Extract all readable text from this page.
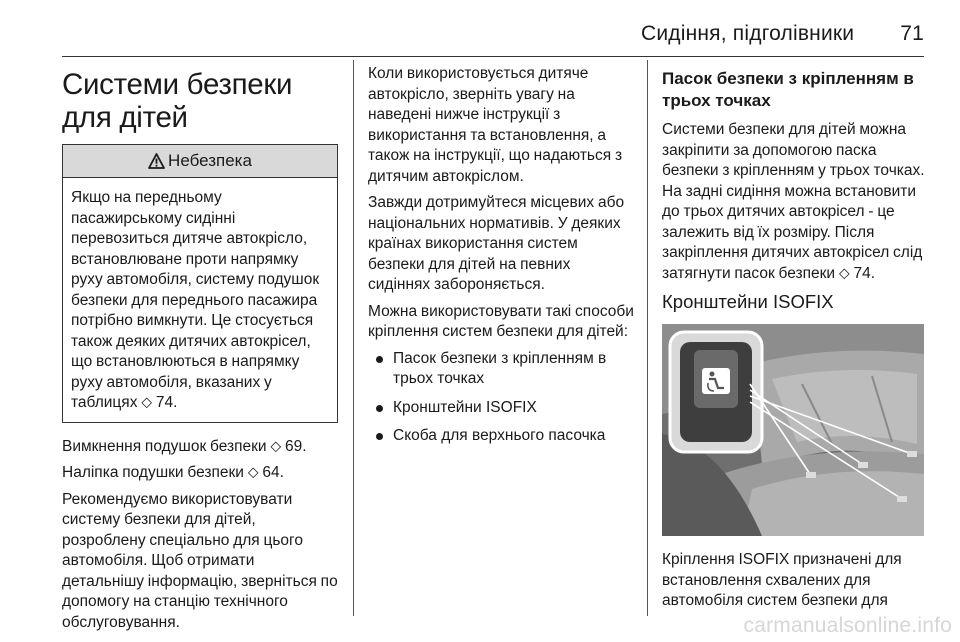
Сидіння, підголівники 71
Системи безпеки для дітей
Небезпека

Якщо на передньому пасажирському сидінні перевозиться дитяче автокрісло, встановлюване проти напрямку руху автомобіля, систему подушок безпеки для переднього пасажира потрібно вимкнути. Це стосується також деяких дитячих автокрісел, що встановлюються в напрямку руху автомобіля, вказаних у таблицях ⬦ 74.

Вимкнення подушок безпеки ⬦ 69.

Наліпка подушки безпеки ⬦ 64.

Рекомендуємо використовувати систему безпеки для дітей, розроблену спеціально для цього автомобіля. Щоб отримати детальнішу інформацію, зверніться по допомогу на станцію технічного обслуговування.

Коли використовується дитяче автокрісло, зверніть увагу на наведені нижче інструкції з використання та встановлення, а також на інструкції, що надаються з дитячим автокріслом.

Завжди дотримуйтеся місцевих або національних нормативів. У деяких країнах використання систем безпеки для дітей на певних сидіннях забороняється.

Можна використовувати такі способи кріплення систем безпеки для дітей:

Пасок безпеки з кріпленням в трьох точках
Кронштейни ISOFIX
Скоба для верхнього пасочка
Пасок безпеки з кріпленням в трьох точках

Системи безпеки для дітей можна закріпити за допомогою паска безпеки з кріпленням у трьох точках. На задні сидіння можна встановити до трьох дитячих автокрісел - це залежить від їх розміру. Після закріплення дитячих автокрісел слід затягнути пасок безпеки ⬦ 74.

Кронштейни ISOFIX

Кріплення ISOFIX призначені для встановлення схвалених для автомобіля систем безпеки для

carmanualsonline.info
